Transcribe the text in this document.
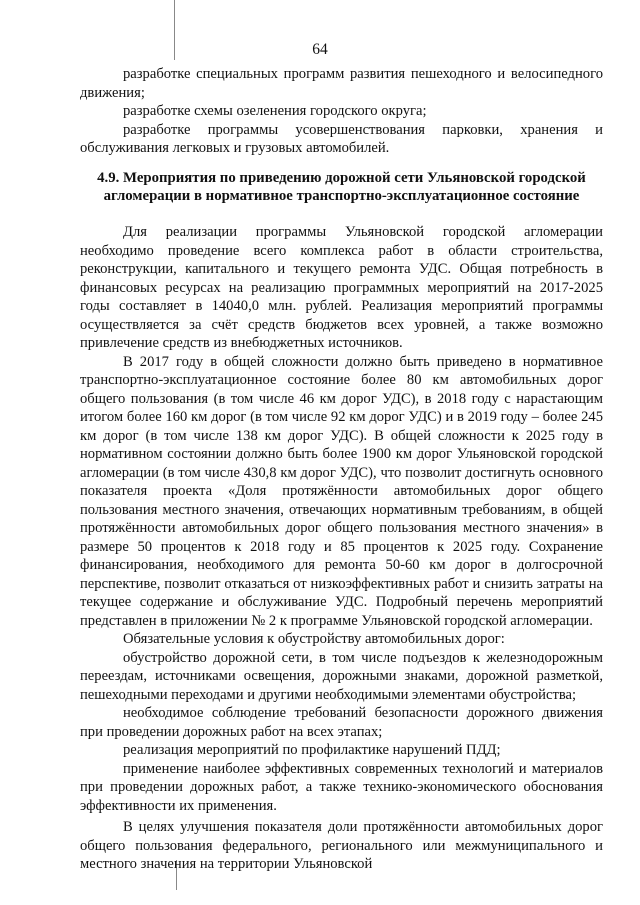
64

разработке специальных программ развития пешеходного и велосипедного движения;

разработке схемы озеленения городского округа;

разработке программы усовершенствования парковки, хранения и обслуживания легковых и грузовых автомобилей.

4.9. Мероприятия по приведению дорожной сети Ульяновской городской агломерации в нормативное транспортно-эксплуатационное состояние

Для реализации программы Ульяновской городской агломерации необходимо проведение всего комплекса работ в области строительства, реконструкции, капитального и текущего ремонта УДС. Общая потребность в финансовых ресурсах на реализацию программных мероприятий на 2017-2025 годы составляет в 14040,0 млн. рублей. Реализация мероприятий программы осуществляется за счёт средств бюджетов всех уровней, а также возможно привлечение средств из внебюджетных источников.

В 2017 году в общей сложности должно быть приведено в нормативное транспортно-эксплуатационное состояние более 80 км автомобильных дорог общего пользования (в том числе 46 км дорог УДС), в 2018 году с нарастающим итогом более 160 км дорог (в том числе 92 км дорог УДС) и в 2019 году – более 245 км дорог (в том числе 138 км дорог УДС). В общей сложности к 2025 году в нормативном состоянии должно быть более 1900 км дорог Ульяновской городской агломерации (в том числе 430,8 км дорог УДС), что позволит достигнуть основного показателя проекта «Доля протяжённости автомобильных дорог общего пользования местного значения, отвечающих нормативным требованиям, в общей протяжённости автомобильных дорог общего пользования местного значения» в размере 50 процентов к 2018 году и 85 процентов к 2025 году. Сохранение финансирования, необходимого для ремонта 50-60 км дорог в долгосрочной перспективе, позволит отказаться от низкоэффективных работ и снизить затраты на текущее содержание и обслуживание УДС. Подробный перечень мероприятий представлен в приложении № 2 к программе Ульяновской городской агломерации.

Обязательные условия к обустройству автомобильных дорог:

обустройство дорожной сети, в том числе подъездов к железнодорожным переездам, источниками освещения, дорожными знаками, дорожной разметкой, пешеходными переходами и другими необходимыми элементами обустройства;

необходимое соблюдение требований безопасности дорожного движения при проведении дорожных работ на всех этапах;

реализация мероприятий по профилактике нарушений ПДД;

применение наиболее эффективных современных технологий и материалов при проведении дорожных работ, а также технико-экономического обоснования эффективности их применения.

В целях улучшения показателя доли протяжённости автомобильных дорог общего пользования федерального, регионального или межмуниципального и местного значения на территории Ульяновской
